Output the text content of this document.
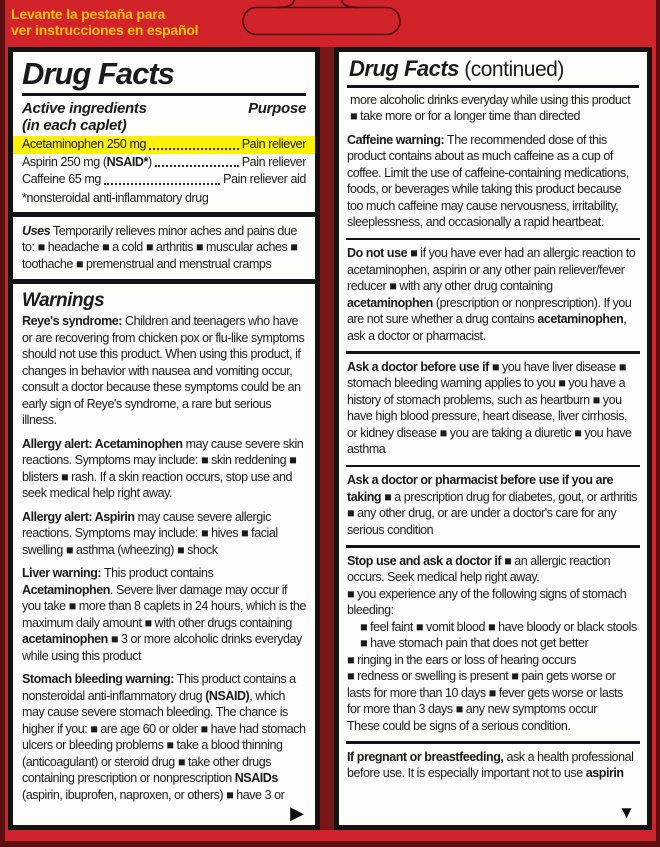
Levante la pestaña para
ver instrucciones en español
Drug Facts
Active ingredients	Purpose
(in each caplet)
Acetaminophen 250 mg	Pain reliever
Aspirin 250 mg (NSAID*)	Pain reliever
Caffeine 65 mg	Pain reliever aid
*nonsteroidal anti-inflammatory drug

Uses Temporarily relieves minor aches and pains due to: ■ headache ■ a cold ■ arthritis ■ muscular aches ■ toothache ■ premenstrual and menstrual cramps

Warnings

Reye's syndrome: Children and teenagers who have or are recovering from chicken pox or flu-like symptoms should not use this product. When using this product, if changes in behavior with nausea and vomiting occur, consult a doctor because these symptoms could be an early sign of Reye's syndrome, a rare but serious illness.

Allergy alert: Acetaminophen may cause severe skin reactions. Symptoms may include: ■ skin reddening ■ blisters ■ rash. If a skin reaction occurs, stop use and seek medical help right away.

Allergy alert: Aspirin may cause severe allergic reactions. Symptoms may include: ■ hives ■ facial swelling ■ asthma (wheezing) ■ shock

Liver warning: This product contains Acetaminophen. Severe liver damage may occur if you take ■ more than 8 caplets in 24 hours, which is the maximum daily amount ■ with other drugs containing acetaminophen ■ 3 or more alcoholic drinks everyday while using this product

Stomach bleeding warning: This product contains a nonsteroidal anti-inflammatory drug (NSAID), which may cause severe stomach bleeding. The chance is higher if you: ■ are age 60 or older ■ have had stomach ulcers or bleeding problems ■ take a blood thinning (anticoagulant) or steroid drug ■ take other drugs containing prescription or nonprescription NSAIDs (aspirin, ibuprofen, naproxen, or others) ■ have 3 or

▶
Drug Facts (continued)

more alcoholic drinks everyday while using this product ■ take more or for a longer time than directed

Caffeine warning: The recommended dose of this product contains about as much caffeine as a cup of coffee. Limit the use of caffeine-containing medications, foods, or beverages while taking this product because too much caffeine may cause nervousness, irritability, sleeplessness, and occasionally a rapid heartbeat.

Do not use ■ if you have ever had an allergic reaction to acetaminophen, aspirin or any other pain reliever/fever reducer ■ with any other drug containing acetaminophen (prescription or nonprescription). If you are not sure whether a drug contains acetaminophen, ask a doctor or pharmacist.

Ask a doctor before use if ■ you have liver disease ■ stomach bleeding warning applies to you ■ you have a history of stomach problems, such as heartburn ■ you have high blood pressure, heart disease, liver cirrhosis, or kidney disease ■ you are taking a diuretic ■ you have asthma

Ask a doctor or pharmacist before use if you are taking ■ a prescription drug for diabetes, gout, or arthritis ■ any other drug, or are under a doctor's care for any serious condition

Stop use and ask a doctor if ■ an allergic reaction occurs. Seek medical help right away.

■ you experience any of the following signs of stomach bleeding:

■ feel faint ■ vomit blood ■ have bloody or black stools ■ have stomach pain that does not get better

■ ringing in the ears or loss of hearing occurs

■ redness or swelling is present ■ pain gets worse or lasts for more than 10 days ■ fever gets worse or lasts for more than 3 days ■ any new symptoms occur

These could be signs of a serious condition.

If pregnant or breastfeeding, ask a health professional before use. It is especially important not to use aspirin

▼
